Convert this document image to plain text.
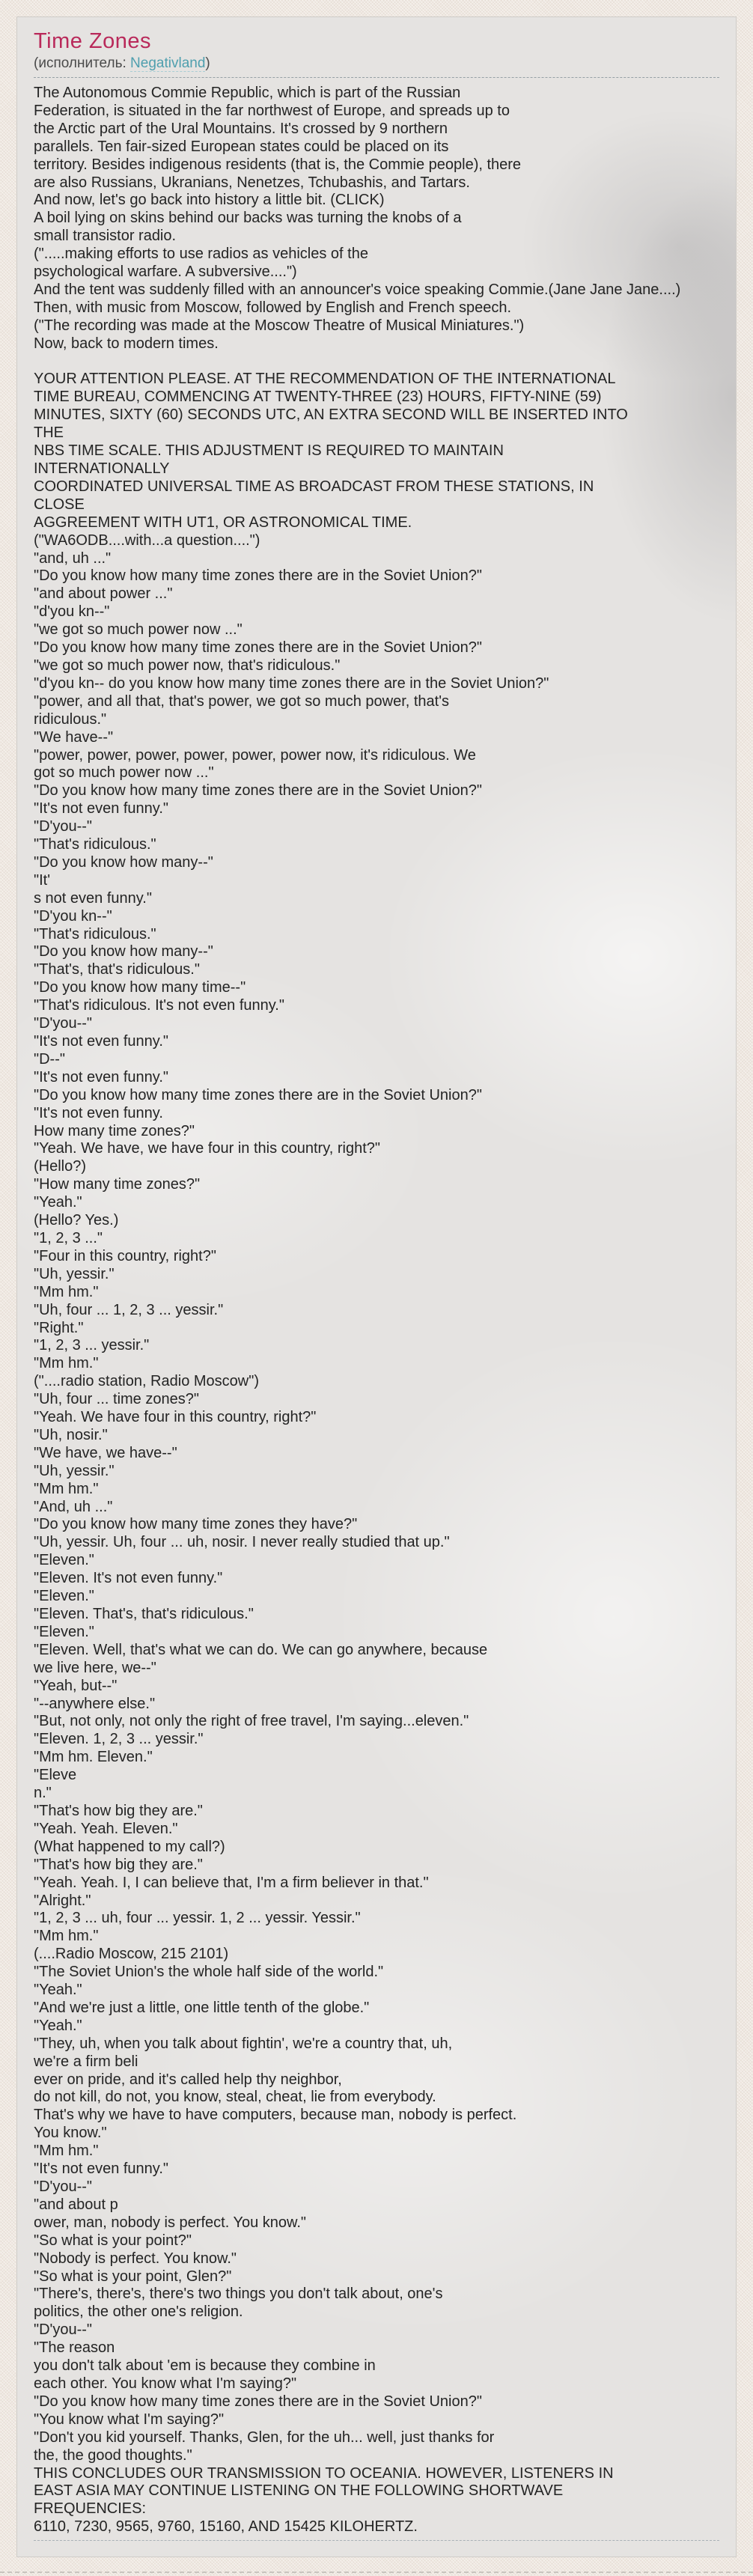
Time Zones
(исполнитель: Negativland)
The Autonomous Commie Republic, which is part of the Russian
Federation, is situated in the far northwest of Europe, and spreads up to
the Arctic part of the Ural Mountains. It's crossed by 9 northern
parallels. Ten fair-sized European states could be placed on its
territory. Besides indigenous residents (that is, the Commie people), there
are also Russians, Ukranians, Nenetzes, Tchubashis, and Tartars.
And now, let's go back into history a little bit. (CLICK)
A boil lying on skins behind our backs was turning the knobs of a
small transistor radio.
(".....making efforts to use radios as vehicles of the
psychological warfare. A subversive....")
And the tent was suddenly filled with an announcer's voice speaking Commie.(Jane Jane Jane....)
Then, with music from Moscow, followed by English and French speech.
("The recording was made at the Moscow Theatre of Musical Miniatures.")
Now, back to modern times.
YOUR ATTENTION PLEASE. AT THE RECOMMENDATION OF THE INTERNATIONAL
TIME BUREAU, COMMENCING AT TWENTY-THREE (23) HOURS, FIFTY-NINE (59)
MINUTES, SIXTY (60) SECONDS UTC, AN EXTRA SECOND WILL BE INSERTED INTO
THE
NBS TIME SCALE. THIS ADJUSTMENT IS REQUIRED TO MAINTAIN
INTERNATIONALLY
COORDINATED UNIVERSAL TIME AS BROADCAST FROM THESE STATIONS, IN
CLOSE
AGGREEMENT WITH UT1, OR ASTRONOMICAL TIME.
("WA6ODB....with...a question....")
"and, uh ..."
"Do you know how many time zones there are in the Soviet Union?"
"and about power ..."
"d'you kn--"
"we got so much power now ..."
"Do you know how many time zones there are in the Soviet Union?"
"we got so much power now, that's ridiculous."
"d'you kn-- do you know how many time zones there are in the Soviet Union?"
"power, and all that, that's power, we got so much power, that's
ridiculous."
"We have--"
"power, power, power, power, power, power now, it's ridiculous. We
got so much power now ..."
"Do you know how many time zones there are in the Soviet Union?"
"It's not even funny."
"D'you--"
"That's ridiculous."
"Do you know how many--"
"It'
s not even funny."
"D'you kn--"
"That's ridiculous."
"Do you know how many--"
"That's, that's ridiculous."
"Do you know how many time--"
"That's ridiculous. It's not even funny."
"D'you--"
"It's not even funny."
"D--"
"It's not even funny."
"Do you know how many time zones there are in the Soviet Union?"
"It's not even funny.
How many time zones?"
"Yeah. We have, we have four in this country, right?"
(Hello?)
"How many time zones?"
"Yeah."
(Hello? Yes.)
"1, 2, 3 ..."
"Four in this country, right?"
"Uh, yessir."
"Mm hm."
"Uh, four ... 1, 2, 3 ... yessir."
"Right."
"1, 2, 3 ... yessir."
"Mm hm."
("....radio station, Radio Moscow")
"Uh, four ... time zones?"
"Yeah. We have four in this country, right?"
"Uh, nosir."
"We have, we have--"
"Uh, yessir."
"Mm hm."
"And, uh ..."
"Do you know how many time zones they have?"
"Uh, yessir. Uh, four ... uh, nosir. I never really studied that up."
"Eleven."
"Eleven. It's not even funny."
"Eleven."
"Eleven. That's, that's ridiculous."
"Eleven."
"Eleven. Well, that's what we can do. We can go anywhere, because
we live here, we--"
"Yeah, but--"
"--anywhere else."
"But, not only, not only the right of free travel, I'm saying...eleven."
"Eleven. 1, 2, 3 ... yessir."
"Mm hm. Eleven."
"Eleve
n."
"That's how big they are."
"Yeah. Yeah. Eleven."
(What happened to my call?)
"That's how big they are."
"Yeah. Yeah. I, I can believe that, I'm a firm believer in that."
"Alright."
"1, 2, 3 ... uh, four ... yessir. 1, 2 ... yessir. Yessir."
"Mm hm."
(....Radio Moscow, 215 2101)
"The Soviet Union's the whole half side of the world."
"Yeah."
"And we're just a little, one little tenth of the globe."
"Yeah."
"They, uh, when you talk about fightin', we're a country that, uh,
we're a firm beli
ever on pride, and it's called help thy neighbor,
do not kill, do not, you know, steal, cheat, lie from everybody.
That's why we have to have computers, because man, nobody is perfect.
You know."
"Mm hm."
"It's not even funny."
"D'you--"
"and about p
ower, man, nobody is perfect. You know."
"So what is your point?"
"Nobody is perfect. You know."
"So what is your point, Glen?"
"There's, there's, there's two things you don't talk about, one's
politics, the other one's religion.
"D'you--"
"The reason
you don't talk about 'em is because they combine in
each other. You know what I'm saying?"
"Do you know how many time zones there are in the Soviet Union?"
"You know what I'm saying?"
"Don't you kid yourself. Thanks, Glen, for the uh... well, just thanks for
the, the good thoughts."
THIS CONCLUDES OUR TRANSMISSION TO OCEANIA. HOWEVER, LISTENERS IN
EAST ASIA MAY CONTINUE LISTENING ON THE FOLLOWING SHORTWAVE
FREQUENCIES:
6110, 7230, 9565, 9760, 15160, AND 15425 KILOHERTZ.
